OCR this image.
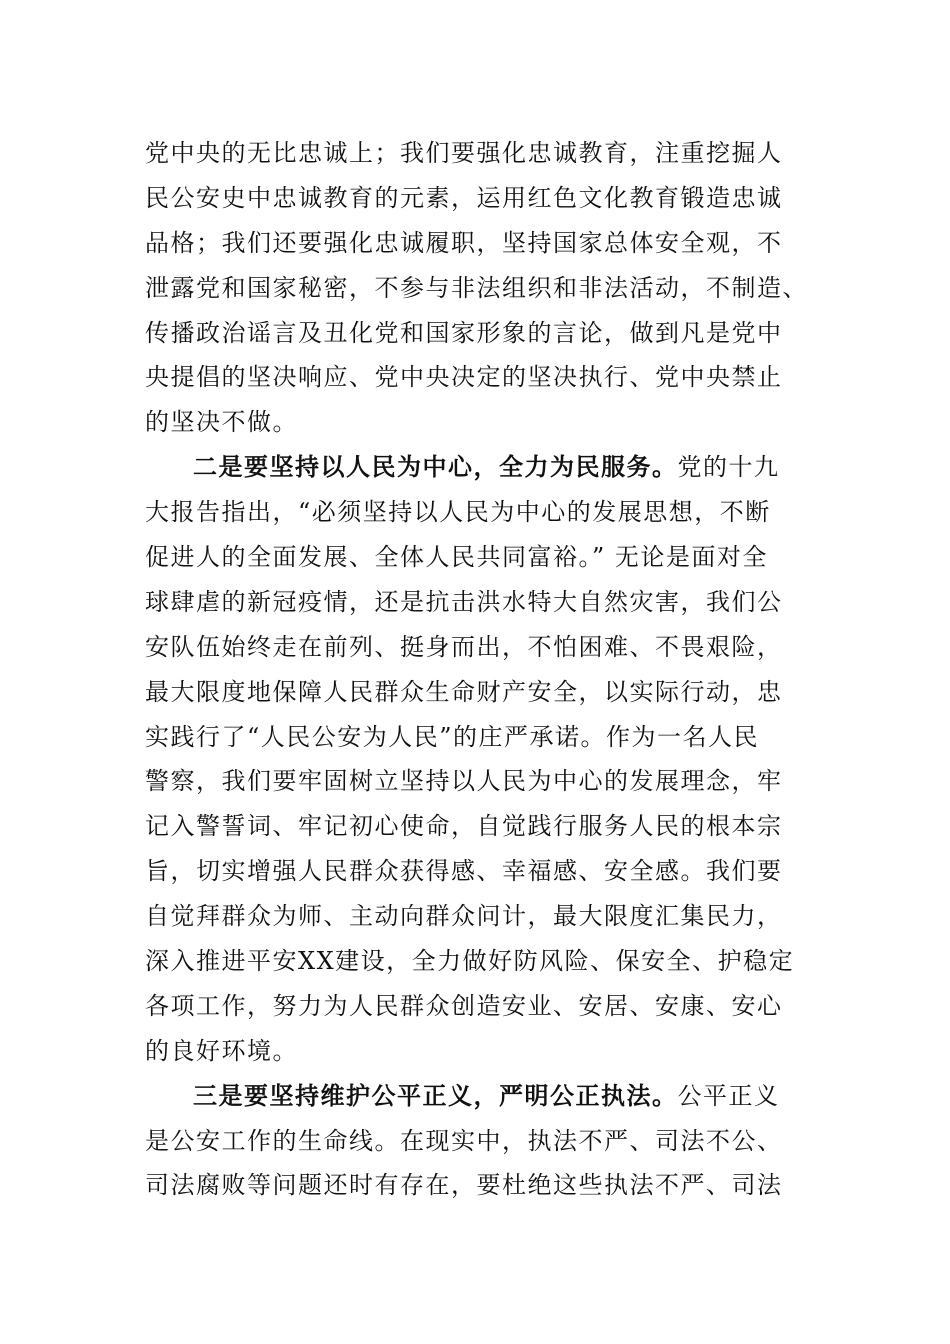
党中央的无比忠诚上；我们要强化忠诚教育，注重挖掘人
民公安史中忠诚教育的元素，运用红色文化教育锻造忠诚
品格；我们还要强化忠诚履职，坚持国家总体安全观，不
泄露党和国家秘密，不参与非法组织和非法活动，不制造、
传播政治谣言及丑化党和国家形象的言论，做到凡是党中
央提倡的坚决响应、党中央决定的坚决执行、党中央禁止
的坚决不做。
二是要坚持以人民为中心，全力为民服务。党的十九
大报告指出，“必须坚持以人民为中心的发展思想，不断
促进人的全面发展、全体人民共同富裕。” 无论是面对全
球肆虐的新冠疫情，还是抗击洪水特大自然灾害，我们公
安队伍始终走在前列、挺身而出，不怕困难、不畏艰险，
最大限度地保障人民群众生命财产安全，以实际行动，忠
实践行了“人民公安为人民”的庄严承诺。作为一名人民
警察，我们要牢固树立坚持以人民为中心的发展理念，牢
记入警誓词、牢记初心使命，自觉践行服务人民的根本宗
旨，切实增强人民群众获得感、幸福感、安全感。我们要
自觉拜群众为师、主动向群众问计，最大限度汇集民力，
深入推进平安XX建设，全力做好防风险、保安全、护稳定
各项工作，努力为人民群众创造安业、安居、安康、安心
的良好环境。
三是要坚持维护公平正义，严明公正执法。公平正义
是公安工作的生命线。在现实中，执法不严、司法不公、
司法腐败等问题还时有存在，要杜绝这些执法不严、司法
